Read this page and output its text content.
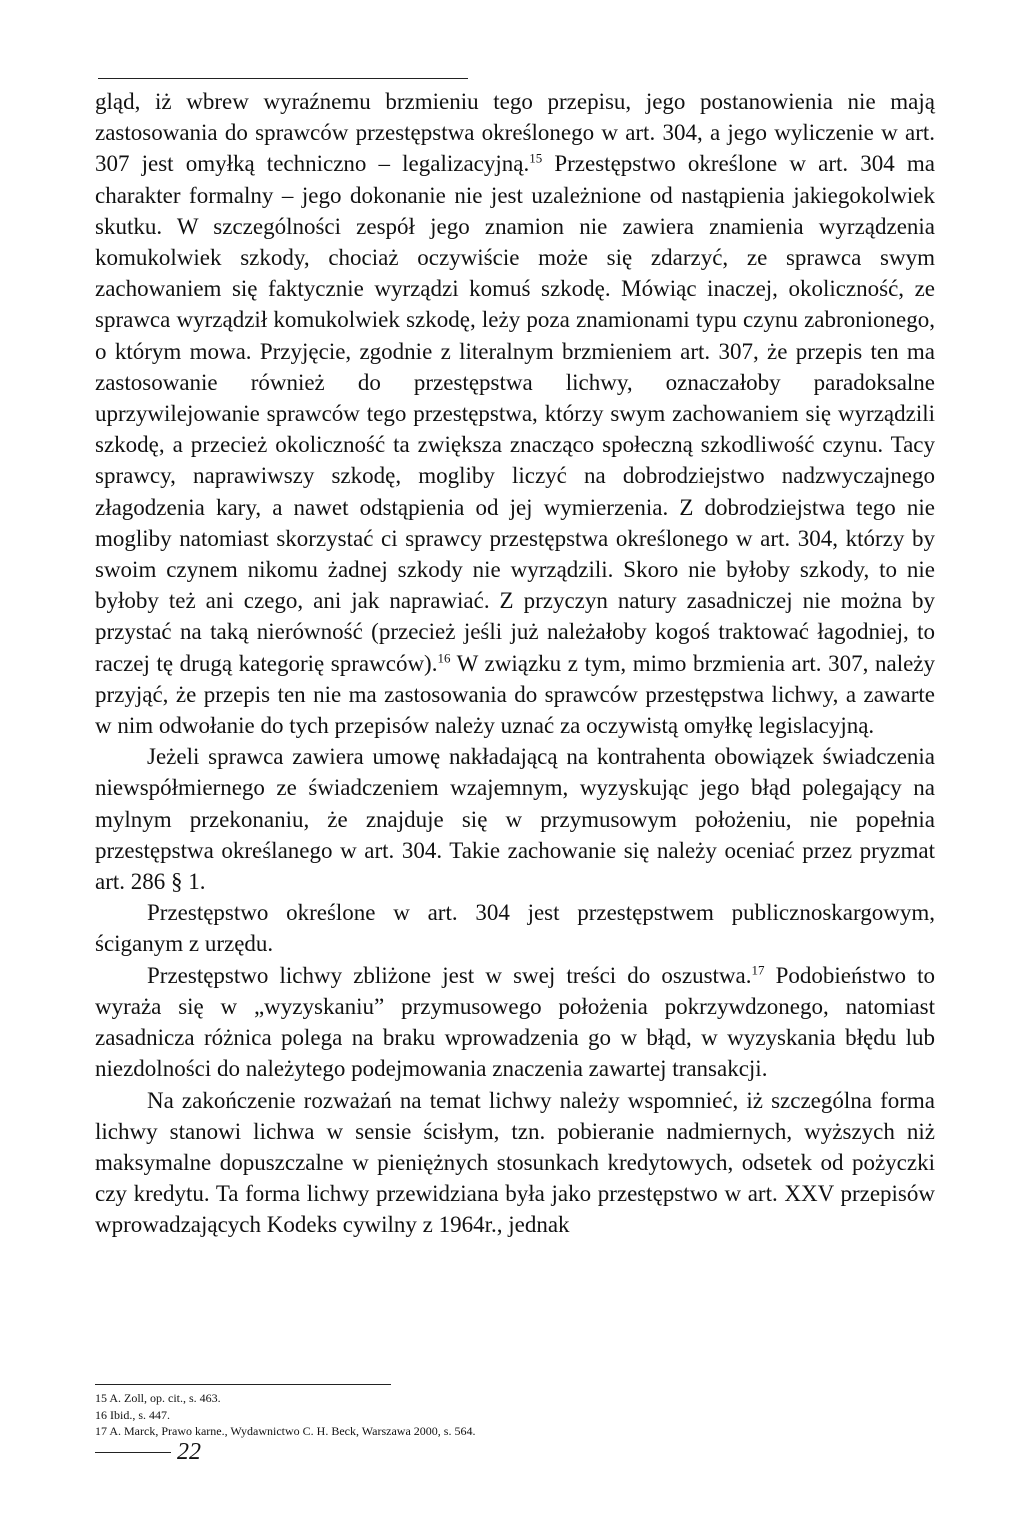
gląd, iż wbrew wyraźnemu brzmieniu tego przepisu, jego postanowienia nie mają zastosowania do sprawców przestępstwa określonego w art. 304, a jego wyliczenie w art. 307 jest omyłką techniczno – legalizacyjną.$^{15}$ Przestępstwo określone w art. 304 ma charakter formalny – jego dokonanie nie jest uzależnione od nastąpienia jakiegokolwiek skutku. W szczególności zespół jego znamion nie zawiera znamienia wyrządzenia komukolwiek szkody, chociaż oczywiście może się zdarzyć, ze sprawca swym zachowaniem się faktycznie wyrządzi komuś szkodę. Mówiąc inaczej, okoliczność, ze sprawca wyrządził komukolwiek szkodę, leży poza znamionami typu czynu zabronionego, o którym mowa. Przyjęcie, zgodnie z literalnym brzmieniem art. 307, że przepis ten ma zastosowanie również do przestępstwa lichwy, oznaczałoby paradoksalne uprzywilejowanie sprawców tego przestępstwa, którzy swym zachowaniem się wyrządzili szkodę, a przecież okoliczność ta zwiększa znacząco społeczną szkodliwość czynu. Tacy sprawcy, naprawiwszy szkodę, mogliby liczyć na dobrodziejstwo nadzwyczajnego złagodzenia kary, a nawet odstąpienia od jej wymierzenia. Z dobrodziejstwa tego nie mogliby natomiast skorzystać ci sprawcy przestępstwa określonego w art. 304, którzy by swoim czynem nikomu żadnej szkody nie wyrządzili. Skoro nie byłoby szkody, to nie byłoby też ani czego, ani jak naprawiać. Z przyczyn natury zasadniczej nie można by przystać na taką nierówność (przecież jeśli już należałoby kogoś traktować łagodniej, to raczej tę drugą kategorię sprawców).$^{16}$ W związku z tym, mimo brzmienia art. 307, należy przyjąć, że przepis ten nie ma zastosowania do sprawców przestępstwa lichwy, a zawarte w nim odwołanie do tych przepisów należy uznać za oczywistą omyłkę legislacyjną.

Jeżeli sprawca zawiera umowę nakładającą na kontrahenta obowiązek świadczenia niewspółmiernego ze świadczeniem wzajemnym, wyzyskując jego błąd polegający na mylnym przekonaniu, że znajduje się w przymusowym położeniu, nie popełnia przestępstwa określanego w art. 304. Takie zachowanie się należy oceniać przez pryzmat art. 286 § 1.

Przestępstwo określone w art. 304 jest przestępstwem publicznoskargowym, ściganym z urzędu.

Przestępstwo lichwy zbliżone jest w swej treści do oszustwa.$^{17}$ Podobieństwo to wyraża się w „wyzyskaniu” przymusowego położenia pokrzywdzonego, natomiast zasadnicza różnica polega na braku wprowadzenia go w błąd, w wyzyskania błędu lub niezdolności do należytego podejmowania znaczenia zawartej transakcji.

Na zakończenie rozważań na temat lichwy należy wspomnieć, iż szczególna forma lichwy stanowi lichwa w sensie ścisłym, tzn. pobieranie nadmiernych, wyższych niż maksymalne dopuszczalne w pieniężnych stosunkach kredytowych, odsetek od pożyczki czy kredytu. Ta forma lichwy przewidziana była jako przestępstwo w art. XXV przepisów wprowadzających Kodeks cywilny z 1964r., jednak

15 A. Zoll, op. cit., s. 463.
16 Ibid., s. 447.
17 A. Marck, Prawo karne., Wydawnictwo C. H. Beck, Warszawa 2000, s. 564.
22
